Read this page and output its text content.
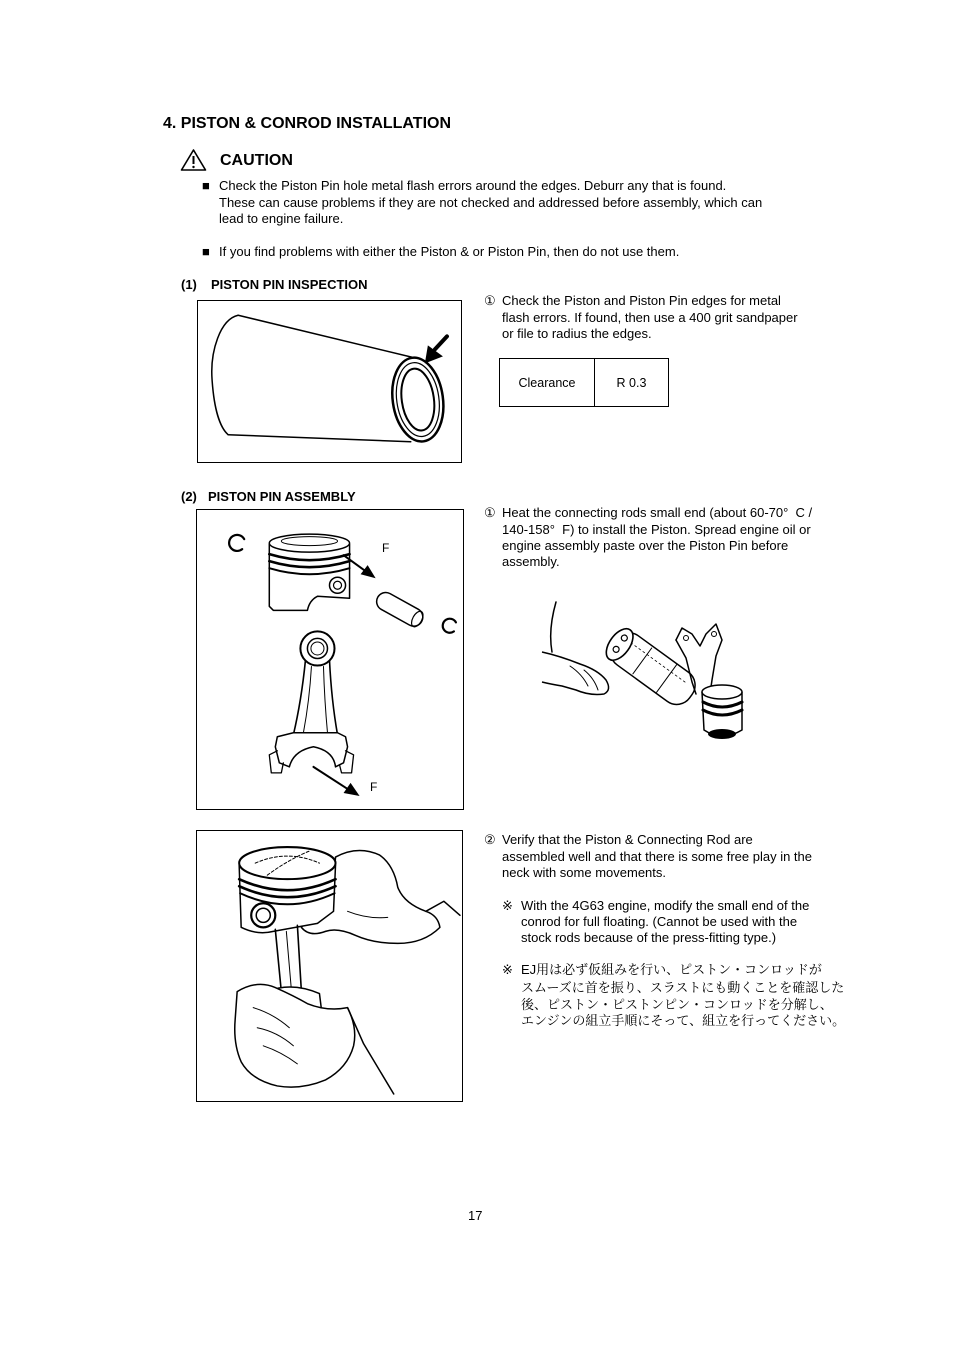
4. PISTON & CONROD INSTALLATION
CAUTION
■ Check the Piston Pin hole metal flash errors around the edges. Deburr any that is found.
These can cause problems if they are not checked and addressed before assembly, which can
lead to engine failure.
■ If you find problems with either the Piston & or Piston Pin, then do not use them.
(1) PISTON PIN INSPECTION
① Check the Piston and Piston Pin edges for metal
flash errors. If found, then use a 400 grit sandpaper
or file to radius the edges.
Clearance	R 0.3
(2) PISTON PIN ASSEMBLY
F
F
① Heat the connecting rods small end (about 60-70°  C /
140-158°  F) to install the Piston. Spread engine oil or
engine assembly paste over the Piston Pin before
assembly.
② Verify that the Piston & Connecting Rod are
assembled well and that there is some free play in the
neck with some movements.
※ With the 4G63 engine, modify the small end of the
conrod for full floating. (Cannot be used with the
stock rods because of the press-fitting type.)
※ EJ用は必ず仮組みを行い、ピストン・コンロッドが
スムーズに首を振り、スラストにも動くことを確認した
後、ピストン・ピストンピン・コンロッドを分解し、
エンジンの組立手順にそって、組立を行ってください。
17
